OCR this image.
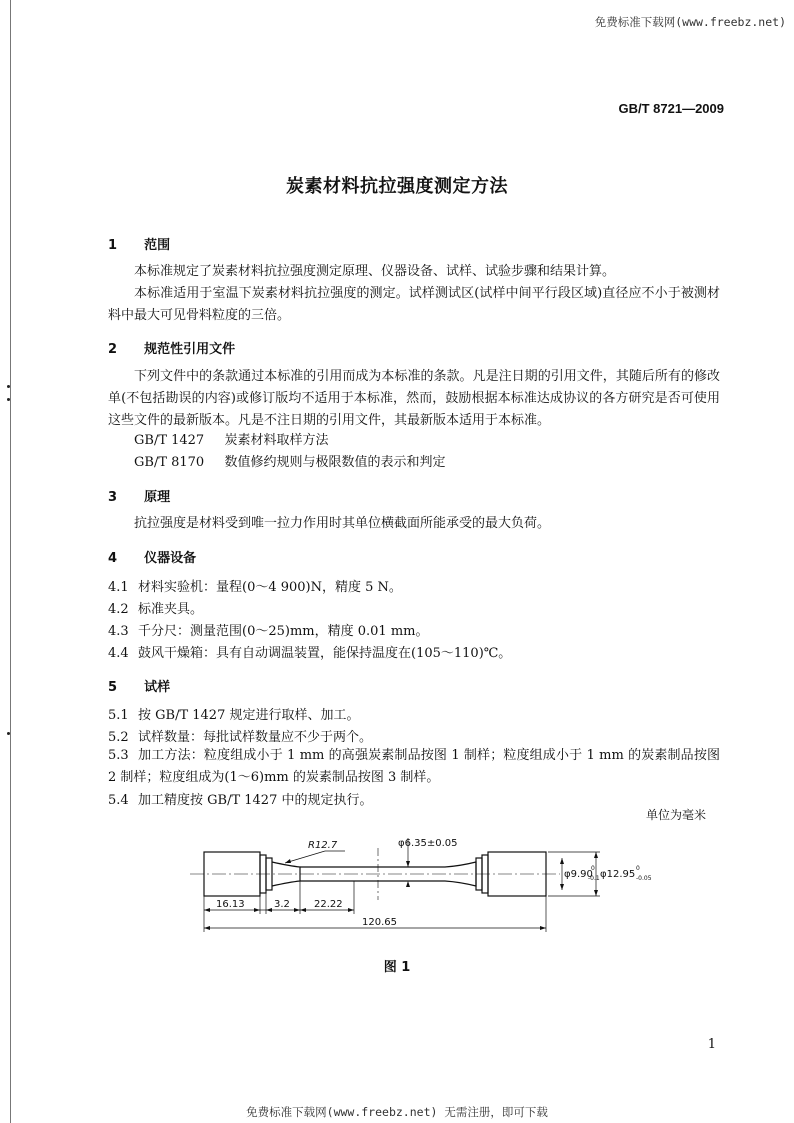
免费标准下载网(www.freebz.net)
GB/T 8721—2009
炭素材料抗拉强度测定方法
1 范围
本标准规定了炭素材料抗拉强度测定原理、仪器设备、试样、试验步骤和结果计算。
本标准适用于室温下炭素材料抗拉强度的测定。试样测试区(试样中间平行段区域)直径应不小于被测材料中最大可见骨料粒度的三倍。
2 规范性引用文件
下列文件中的条款通过本标准的引用而成为本标准的条款。凡是注日期的引用文件，其随后所有的修改单(不包括勘误的内容)或修订版均不适用于本标准，然而，鼓励根据本标准达成协议的各方研究是否可使用这些文件的最新版本。凡是不注日期的引用文件，其最新版本适用于本标准。
GB/T 1427 炭素材料取样方法
GB/T 8170 数值修约规则与极限数值的表示和判定
3 原理
抗拉强度是材料受到唯一拉力作用时其单位横截面所能承受的最大负荷。
4 仪器设备
4.1 材料实验机：量程(0～4 900)N，精度 5 N。
4.2 标准夹具。
4.3 千分尺：测量范围(0～25)mm，精度 0.01 mm。
4.4 鼓风干燥箱：具有自动调温装置，能保持温度在(105～110)℃。
5 试样
5.1 按 GB/T 1427 规定进行取样、加工。
5.2 试样数量：每批试样数量应不少于两个。
5.3 加工方法：粒度组成小于 1 mm 的高强炭素制品按图 1 制样；粒度组成小于 1 mm 的炭素制品按图 2 制样；粒度组成为(1～6)mm 的炭素制品按图 3 制样。
5.4 加工精度按 GB/T 1427 中的规定执行。
单位为毫米
R12.7	φ6.35±0.05
φ9.90
0
-0.1 φ12.95
0
-0.05
16.13	3.2 22.22
120.65
图 1
1
免费标准下载网(www.freebz.net) 无需注册，即可下载
